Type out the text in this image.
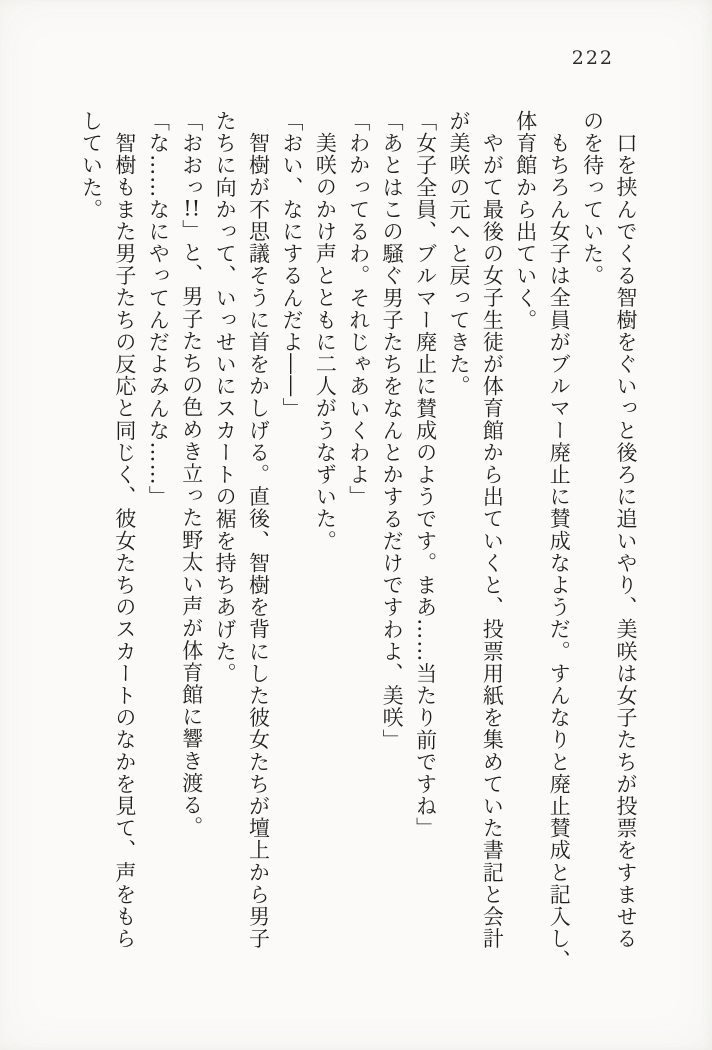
222
口を挟んでくる智樹をぐいっと後ろに追いやり、美咲は女子たちが投票をすませる
のを待っていた。
もちろん女子は全員がブルマー廃止に賛成なようだ。すんなりと廃止賛成と記入し、
体育館から出ていく。
やがて最後の女子生徒が体育館から出ていくと、投票用紙を集めていた書記と会計
が美咲の元へと戻ってきた。
「女子全員、ブルマー廃止に賛成のようです。まあ……当たり前ですね」
「あとはこの騒ぐ男子たちをなんとかするだけですわよ、美咲」
「わかってるわ。それじゃあいくわよ」
美咲のかけ声とともに二人がうなずいた。
「おい、なにするんだよ――」
智樹が不思議そうに首をかしげる。直後、智樹を背にした彼女たちが壇上から男子
たちに向かって、いっせいにスカートの裾を持ちあげた。
「おおっ!!」と、男子たちの色めき立った野太い声が体育館に響き渡る。
「な……なにやってんだよみんな……」
智樹もまた男子たちの反応と同じく、彼女たちのスカートのなかを見て、声をもら
していた。
